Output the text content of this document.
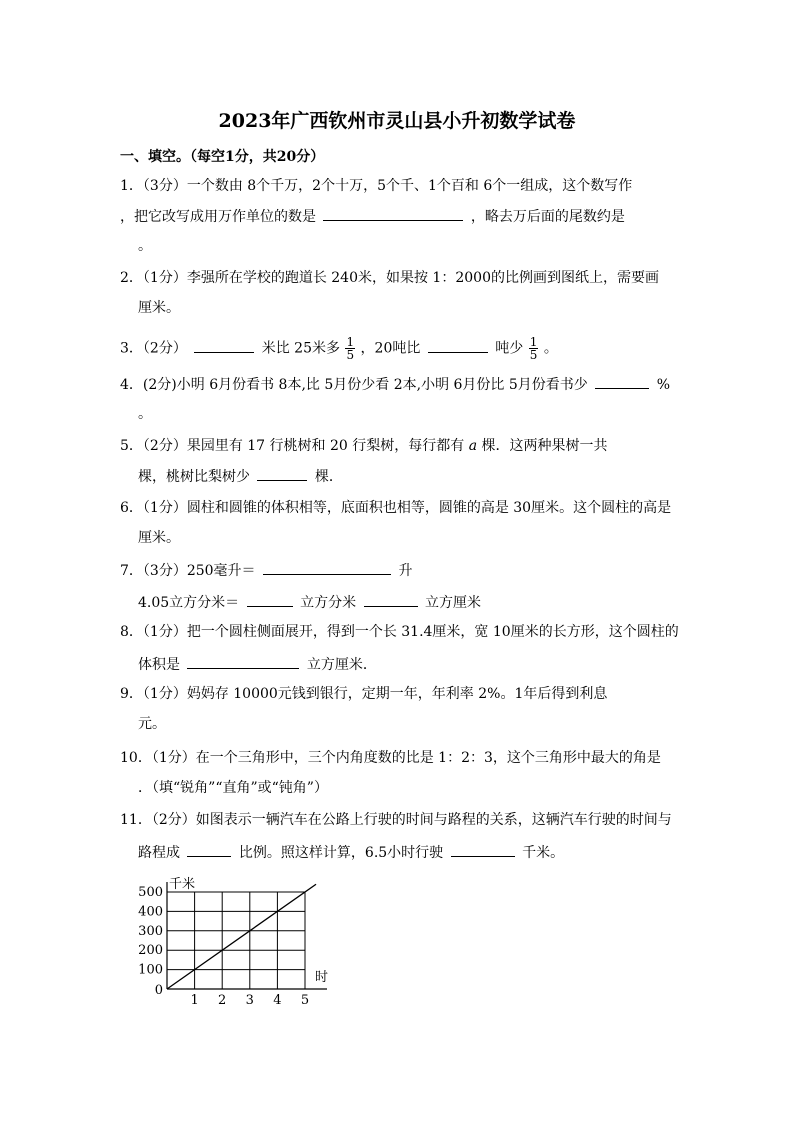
2023年广西钦州市灵山县小升初数学试卷
一、填空。（每空1分，共20分）
1．（3分）一个数由 8个千万，2个十万，5个千、1个百和 6个一组成，这个数写作
，把它改写成用万作单位的数是	，略去万后面的尾数约是
。
2．（1分）李强所在学校的跑道长 240米，如果按 1：2000的比例画到图纸上，需要画
厘米。
3．（2分）	米比 25米多 $\frac{1}{5}$ ，20吨比	吨少 $\frac{1}{5}$ 。
4．(2分)小明 6月份看书 8本,比 5月份少看 2本,小明 6月份比 5月份看书少	%
。
5．（2分）果园里有 17 行桃树和 20 行梨树，每行都有 a 棵．这两种果树一共
棵，桃树比梨树少	棵．
6．（1分）圆柱和圆锥的体积相等，底面积也相等，圆锥的高是 30厘米。这个圆柱的高是
厘米。
7．（3分）250毫升＝	升
4.05立方分米＝	立方分米	立方厘米
8．（1分）把一个圆柱侧面展开，得到一个长 31.4厘米，宽 10厘米的长方形，这个圆柱的
体积是	立方厘米．
9．（1分）妈妈存 10000元钱到银行，定期一年，年利率 2%。1年后得到利息
元。
10．（1分）在一个三角形中，三个内角度数的比是 1：2：3，这个三角形中最大的角是
．（填“锐角”“直角”或“钝角”）
11．（2分）如图表示一辆汽车在公路上行驶的时间与路程的关系，这辆汽车行驶的时间与
路程成	比例。照这样计算，6.5小时行驶	千米。
1 2 3 4 5
100
200
300
400
500
0
千米
时
